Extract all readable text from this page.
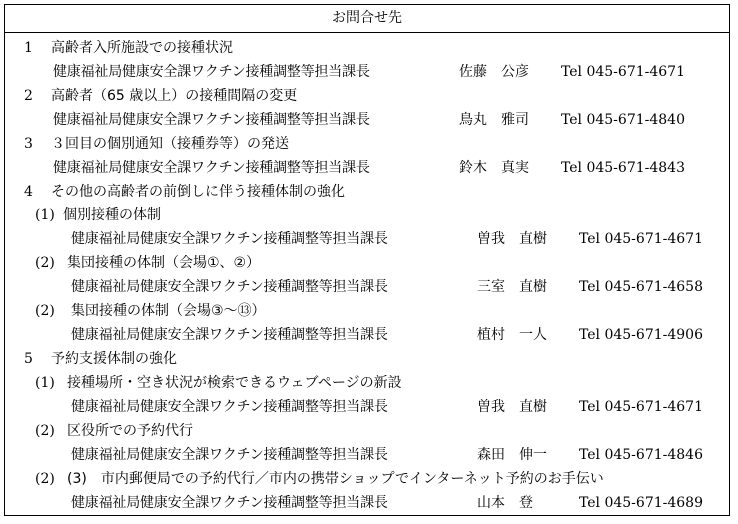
お問合せ先
1 高齢者入所施設での接種状況
健康福祉局健康安全課ワクチン接種調整等担当課長	佐藤　公彦	Tel 045-671-4671
2 高齢者（65 歳以上）の接種間隔の変更
健康福祉局健康安全課ワクチン接種調整等担当課長	鳥丸　雅司	Tel 045-671-4840
3 ３回目の個別通知（接種券等）の発送
健康福祉局健康安全課ワクチン接種調整等担当課長	鈴木　真実	Tel 045-671-4843
4 その他の高齢者の前倒しに伴う接種体制の強化
(1) 個別接種の体制
健康福祉局健康安全課ワクチン接種調整等担当課長	曽我　直樹	Tel 045-671-4671
(2) 集団接種の体制（会場①、②）
健康福祉局健康安全課ワクチン接種調整等担当課長	三室　直樹	Tel 045-671-4658
(2) 集団接種の体制（会場③～⑬）
健康福祉局健康安全課ワクチン接種調整等担当課長	植村　一人	Tel 045-671-4906
5 予約支援体制の強化
(1) 接種場所・空き状況が検索できるウェブページの新設
健康福祉局健康安全課ワクチン接種調整等担当課長	曽我　直樹	Tel 045-671-4671
(2) 区役所での予約代行
健康福祉局健康安全課ワクチン接種調整等担当課長	森田　伸一	Tel 045-671-4846
(2) (3)　市内郵便局での予約代行／市内の携帯ショップでインターネット予約のお手伝い
健康福祉局健康安全課ワクチン接種調整等担当課長	山本　登	Tel 045-671-4689
